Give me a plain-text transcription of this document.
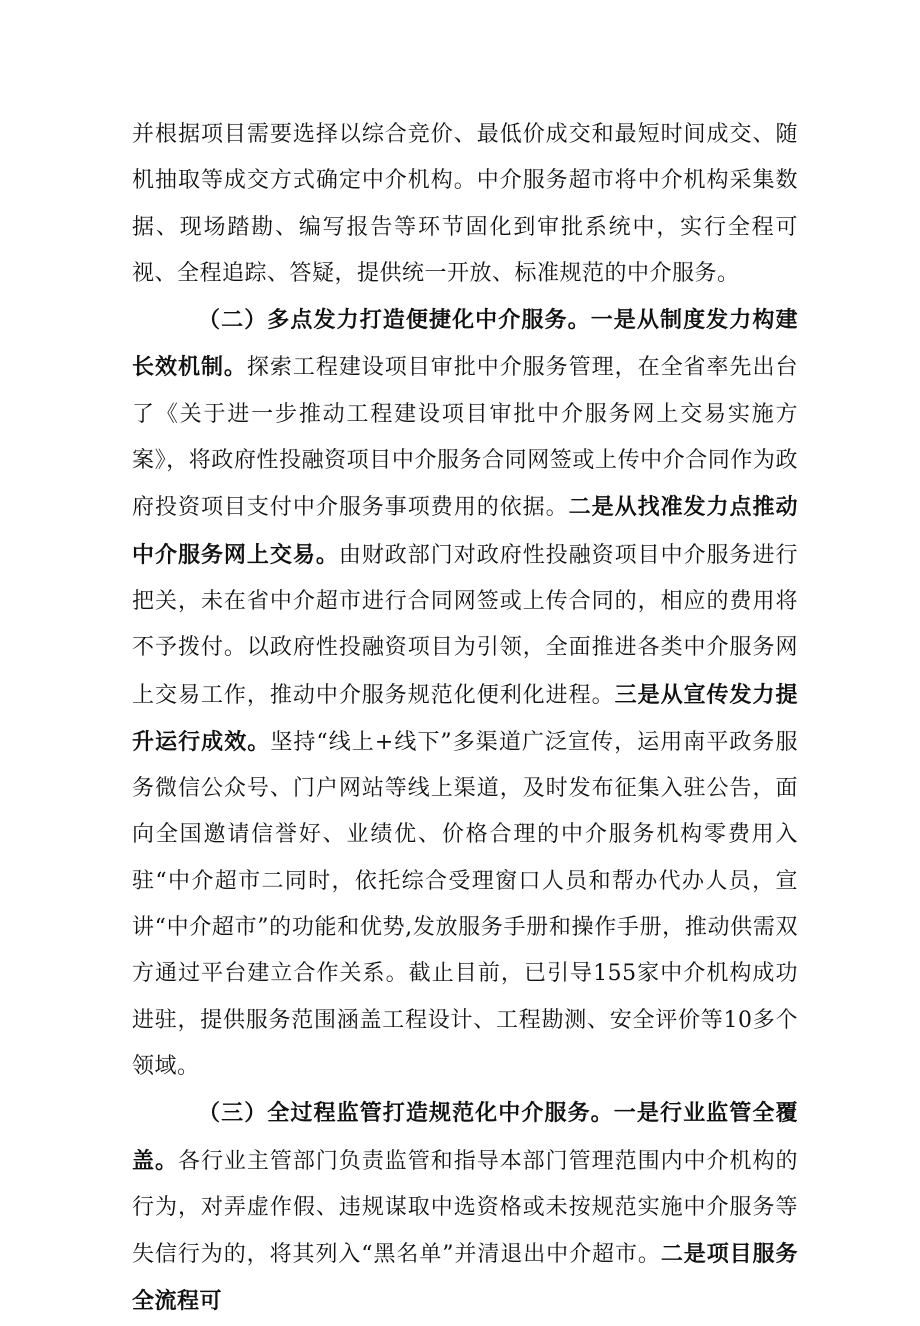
并根据项目需要选择以综合竞价、最低价成交和最短时间成交、随机抽取等成交方式确定中介机构。中介服务超市将中介机构采集数据、现场踏勘、编写报告等环节固化到审批系统中，实行全程可视、全程追踪、答疑，提供统一开放、标准规范的中介服务。

（二）多点发力打造便捷化中介服务。一是从制度发力构建长效机制。探索工程建设项目审批中介服务管理，在全省率先出台了《关于进一步推动工程建设项目审批中介服务网上交易实施方案》，将政府性投融资项目中介服务合同网签或上传中介合同作为政府投资项目支付中介服务事项费用的依据。二是从找准发力点推动中介服务网上交易。由财政部门对政府性投融资项目中介服务进行把关，未在省中介超市进行合同网签或上传合同的，相应的费用将不予拨付。以政府性投融资项目为引领，全面推进各类中介服务网上交易工作，推动中介服务规范化便利化进程。三是从宣传发力提升运行成效。坚持“线上+线下”多渠道广泛宣传，运用南平政务服务微信公众号、门户网站等线上渠道，及时发布征集入驻公告，面向全国邀请信誉好、业绩优、价格合理的中介服务机构零费用入驻“中介超市二同时，依托综合受理窗口人员和帮办代办人员，宣讲“中介超市”的功能和优势,发放服务手册和操作手册，推动供需双方通过平台建立合作关系。截止目前，已引导155家中介机构成功进驻，提供服务范围涵盖工程设计、工程勘测、安全评价等10多个领域。

（三）全过程监管打造规范化中介服务。一是行业监管全覆盖。各行业主管部门负责监管和指导本部门管理范围内中介机构的行为，对弄虚作假、违规谋取中选资格或未按规范实施中介服务等失信行为的，将其列入“黑名单”并清退出中介超市。二是项目服务全流程可
